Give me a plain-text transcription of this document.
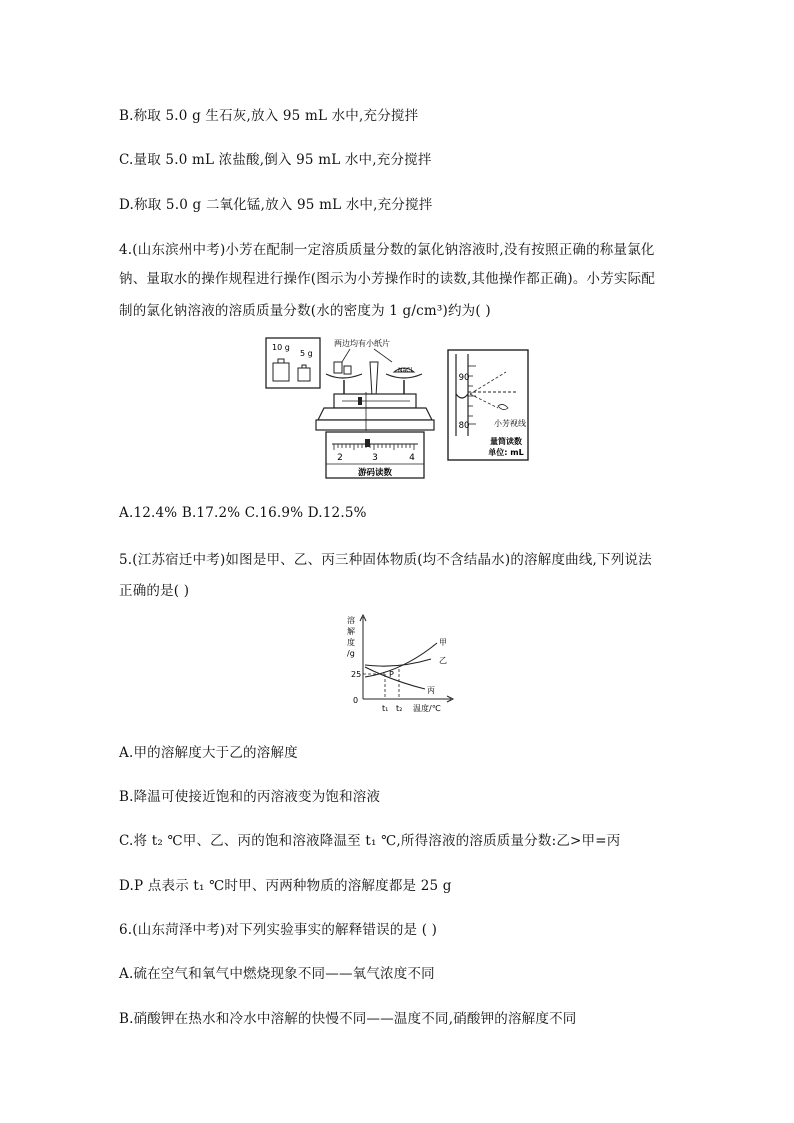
B.称取 5.0 g 生石灰,放入 95 mL 水中,充分搅拌
C.量取 5.0 mL 浓盐酸,倒入 95 mL 水中,充分搅拌
D.称取 5.0 g 二氧化锰,放入 95 mL 水中,充分搅拌
4.(山东滨州中考)小芳在配制一定溶质质量分数的氯化钠溶液时,没有按照正确的称量氯化
钠、量取水的操作规程进行操作(图示为小芳操作时的读数,其他操作都正确)。小芳实际配
制的氯化钠溶液的溶质质量分数(水的密度为 1 g/cm³)约为( )
A.12.4% B.17.2% C.16.9% D.12.5%
5.(江苏宿迁中考)如图是甲、乙、丙三种固体物质(均不含结晶水)的溶解度曲线,下列说法
正确的是( )
A.甲的溶解度大于乙的溶解度
B.降温可使接近饱和的丙溶液变为饱和溶液
C.将 t₂ ℃甲、乙、丙的饱和溶液降温至 t₁ ℃,所得溶液的溶质质量分数:乙>甲=丙
D.P 点表示 t₁ ℃时甲、丙两种物质的溶解度都是 25 g
6.(山东菏泽中考)对下列实验事实的解释错误的是 ( )
A.硫在空气和氧气中燃烧现象不同——氧气浓度不同
B.硝酸钾在热水和冷水中溶解的快慢不同——温度不同,硝酸钾的溶解度不同
10 g
5 g
两边均有小纸片
NaCl
2	3	4
游码读数
90
80	小芳视线
量筒读数
单位: mL
溶
解
度
/g
25
0
P
t₁ t₂ 温度/℃
甲
乙
丙
